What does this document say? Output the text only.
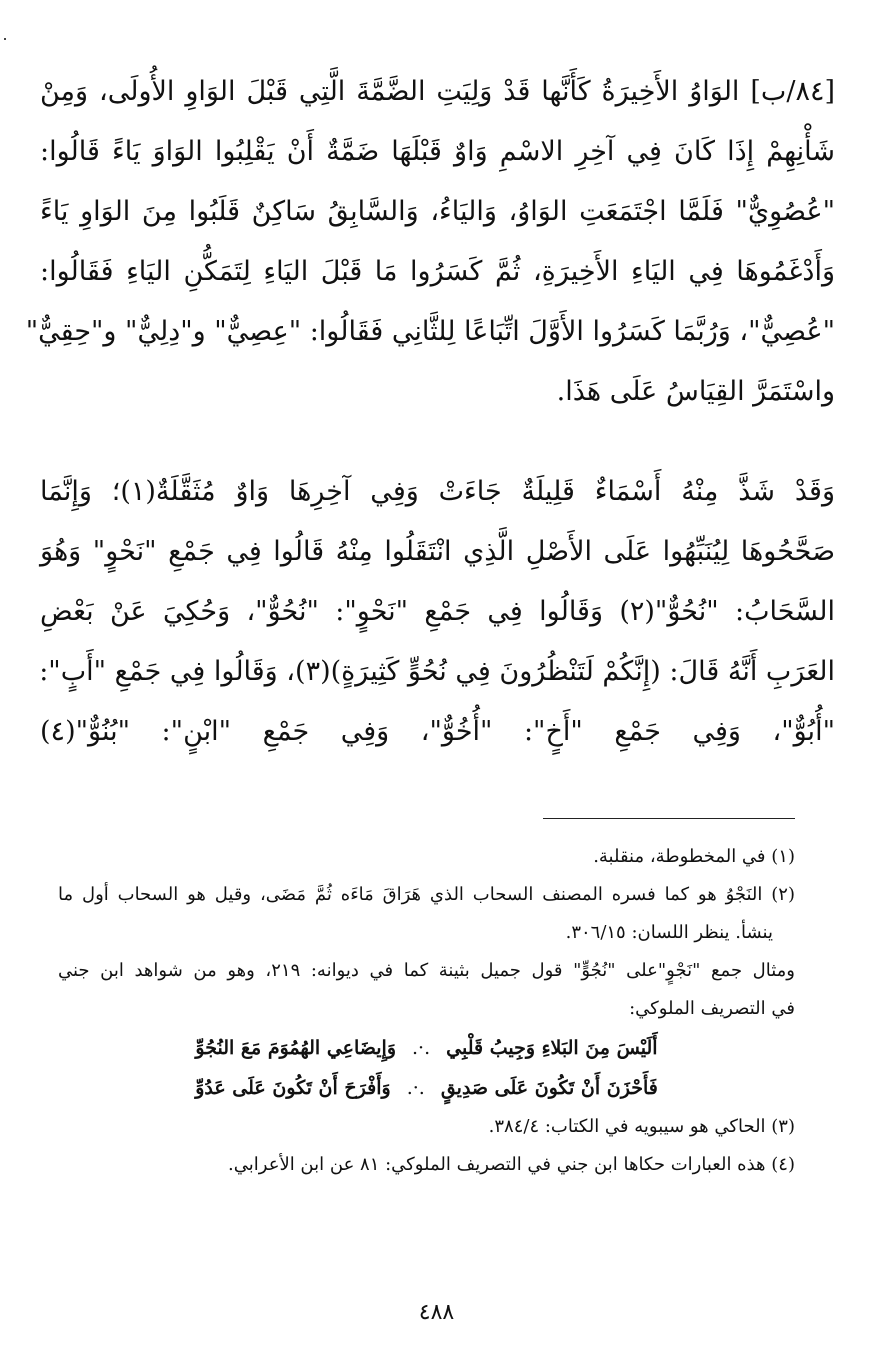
[٨٤/ب] الوَاوُ الأَخِيرَةُ كَأَنَّها قَدْ وَلِيَتِ الضَّمَّةَ الَّتِي قَبْلَ الوَاوِ الأُولَى، وَمِنْ
شَأْنِهِمْ إِذَا كَانَ فِي آخِرِ الاسْمِ وَاوٌ قَبْلَهَا ضَمَّةٌ أَنْ يَقْلِبُوا الوَاوَ يَاءً قَالُوا:
"عُصُوِيٌّ" فَلَمَّا اجْتَمَعَتِ الوَاوُ، وَاليَاءُ، وَالسَّابِقُ سَاكِنٌ قَلَبُوا مِنَ الوَاوِ يَاءً
وَأَدْغَمُوهَا فِي اليَاءِ الأَخِيرَةِ، ثُمَّ كَسَرُوا مَا قَبْلَ اليَاءِ لِتَمَكُّنِ اليَاءِ فَقَالُوا:
"عُصِيٌّ"، وَرُبَّمَا كَسَرُوا الأَوَّلَ اتِّبَاعًا لِلثَّانِي فَقَالُوا: "عِصِيٌّ" و"دِلِيٌّ" و"حِقِيٌّ"
واسْتَمَرَّ القِيَاسُ عَلَى هَذَا.
وَقَدْ شَذَّ مِنْهُ أَسْمَاءٌ قَلِيلَةٌ جَاءَتْ وَفِي آخِرِهَا وَاوٌ مُثَقَّلَةٌ(١)؛ وَإِنَّمَا
صَحَّحُوهَا لِيُنَبِّهُوا عَلَى الأَصْلِ الَّذِي انْتَقَلُوا مِنْهُ قَالُوا فِي جَمْعِ "نَحْوٍ" وَهُوَ
السَّحَابُ: "نُحُوٌّ"(٢) وَقَالُوا فِي جَمْعِ "نَحْوٍ": "نُحُوٌّ"، وَحُكِيَ عَنْ بَعْضِ
العَرَبِ أَنَّهُ قَالَ: (إِنَّكُمْ لَتَنْظُرُونَ فِي نُحُوٍّ كَثِيرَةٍ)(٣)، وَقَالُوا فِي جَمْعِ "أَبٍ":
"أُبُوٌّ"، وَفِي جَمْعِ "أَخٍ": "أُخُوٌّ"، وَفِي جَمْعِ "ابْنٍ": "بُنُوٌّ"(٤)

(١) في المخطوطة، منقلبة.

(٢) النَجْوُ هو كما فسره المصنف السحاب الذي هَرَاقَ مَاءَه ثُمَّ مَضَى، وقيل هو السحاب أول ما

ينشأ. ينظر اللسان: ٣٠٦/١٥.

ومثال جمع "نَجْوٍ"على "نُجُوٍّ" قول جميل بثينة كما في ديوانه: ٢١٩، وهو من شواهد ابن جني

في التصريف الملوكي:

أَلَيْسَ مِنَ البَلاءِ وَجِيبُ قَلْبِي
.·.
وَإِيضَاعِي الهُمُوَمَ مَعَ النُجُوِّ
فَأَحْزَنَ أَنْ تَكُونَ عَلَى صَدِيقٍ
.·.
وَأَفْرَحَ أَنْ تَكُونَ عَلَى عَدُوِّ

(٣) الحاكي هو سيبويه في الكتاب: ٣٨٤/٤.

(٤) هذه العبارات حكاها ابن جني في التصريف الملوكي: ٨١ عن ابن الأعرابي.

٤٨٨
